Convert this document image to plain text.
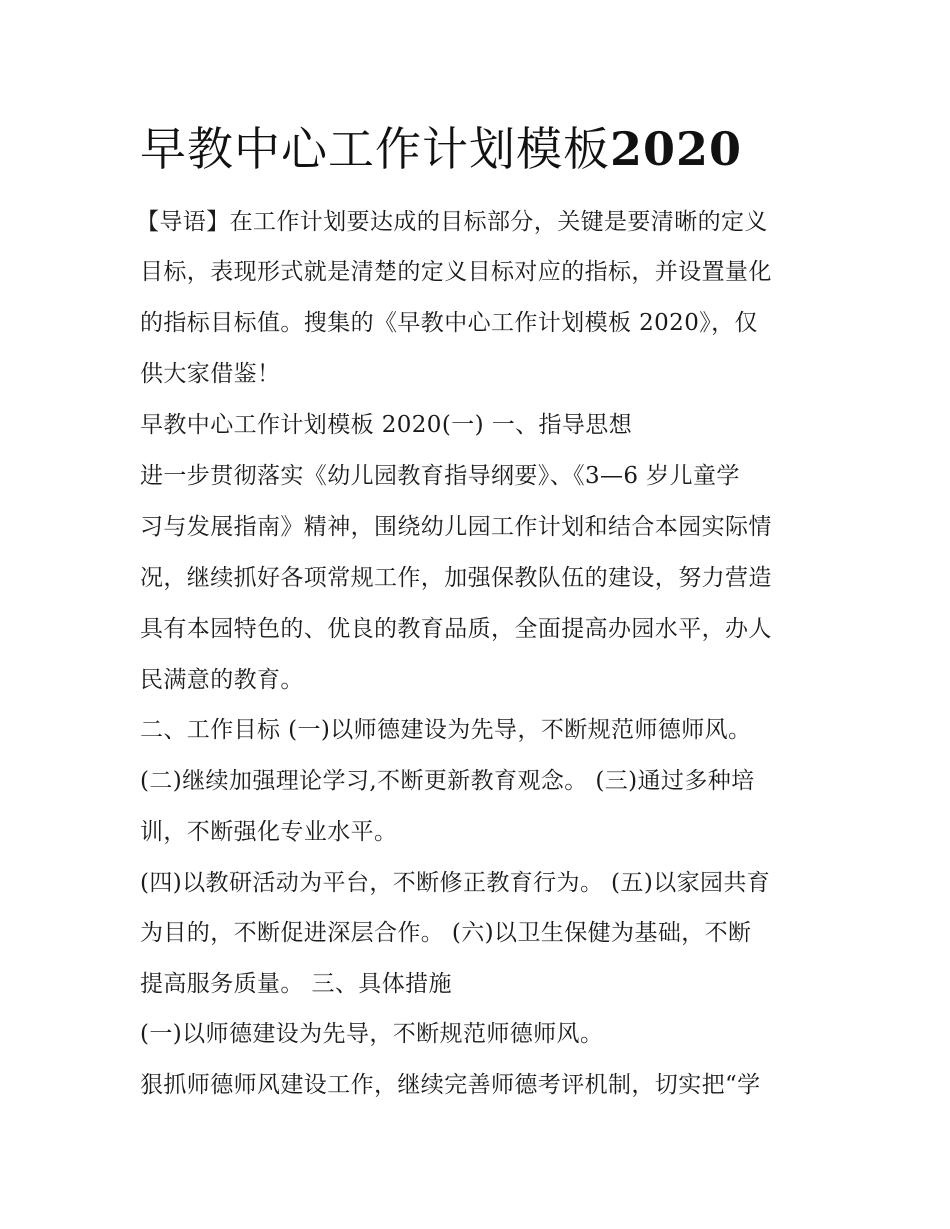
早教中心工作计划模板2020

【导语】在工作计划要达成的目标部分，关键是要清晰的定义

目标，表现形式就是清楚的定义目标对应的指标，并设置量化

的指标目标值。搜集的《早教中心工作计划模板 2020》，仅

供大家借鉴！

早教中心工作计划模板 2020(一) 一、指导思想

进一步贯彻落实《幼儿园教育指导纲要》、《3—6 岁儿童学

习与发展指南》精神，围绕幼儿园工作计划和结合本园实际情

况，继续抓好各项常规工作，加强保教队伍的建设，努力营造

具有本园特色的、优良的教育品质，全面提高办园水平，办人

民满意的教育。

二、工作目标 (一)以师德建设为先导，不断规范师德师风。

(二)继续加强理论学习,不断更新教育观念。 (三)通过多种培

训，不断强化专业水平。

(四)以教研活动为平台，不断修正教育行为。 (五)以家园共育

为目的，不断促进深层合作。 (六)以卫生保健为基础，不断

提高服务质量。 三、具体措施

(一)以师德建设为先导，不断规范师德师风。

狠抓师德师风建设工作，继续完善师德考评机制，切实把“学
